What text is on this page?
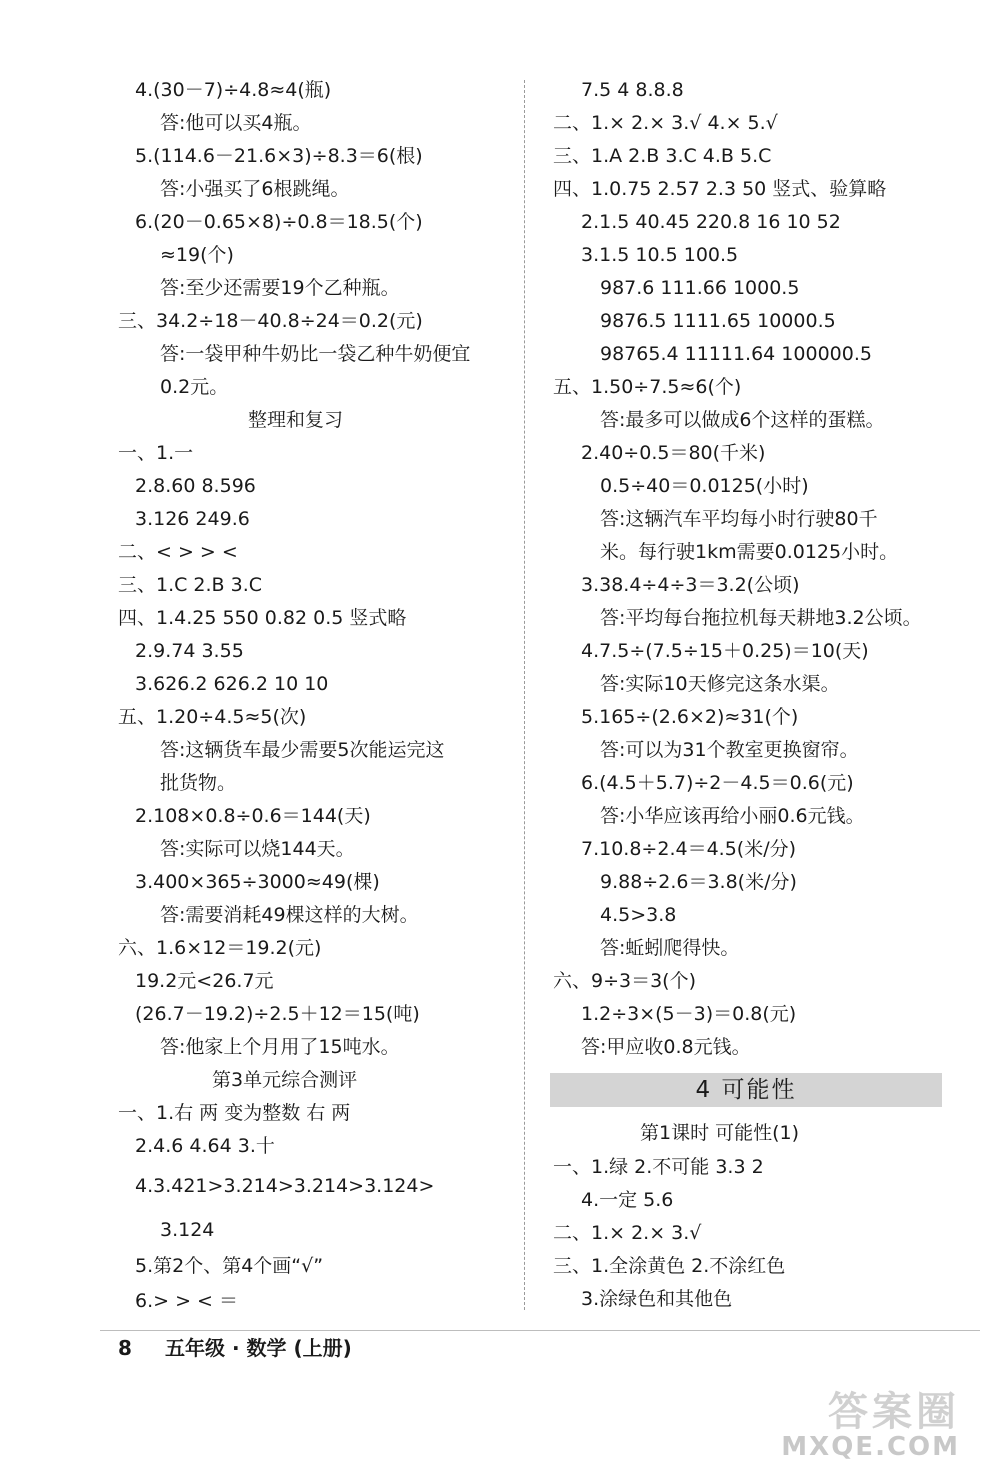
4.(30－7)÷4.8≈4(瓶)
答:他可以买4瓶。
5.(114.6－21.6×3)÷8.3＝6(根)
答:小强买了6根跳绳。
6.(20－0.65×8)÷0.8＝18.5(个)
≈19(个)
答:至少还需要19个乙种瓶。
三、34.2÷18－40.8÷24＝0.2(元)
答:一袋甲种牛奶比一袋乙种牛奶便宜
0.2元。
整理和复习
一、1.一
2.8.60 8.596
3.126 249.6
二、< > > <
三、1.C 2.B 3.C
四、1.4.25 550 0.82 0.5 竖式略
2.9.74 3.55
3.626.2 626.2 10 10
五、1.20÷4.5≈5(次)
答:这辆货车最少需要5次能运完这
批货物。
2.108×0.8÷0.6＝144(天)
答:实际可以烧144天。
3.400×365÷3000≈49(棵)
答:需要消耗49棵这样的大树。
六、1.6×12＝19.2(元)
19.2元<26.7元
(26.7－19.2)÷2.5＋12＝15(吨)
答:他家上个月用了15吨水。
第3单元综合测评
一、1.右 两 变为整数 右 两
2.4.6 4.64 3.十
4.3.421>3.214>3.214>3.124>
3.124
5.第2个、第4个画“√”
6.> > < ＝
7.5 4 8.8.8
二、1.× 2.× 3.√ 4.× 5.√
三、1.A 2.B 3.C 4.B 5.C
四、1.0.75 2.57 2.3 50 竖式、验算略
2.1.5 40.45 220.8 16 10 52
3.1.5 10.5 100.5
987.6 111.66 1000.5
9876.5 1111.65 10000.5
98765.4 11111.64 100000.5
五、1.50÷7.5≈6(个)
答:最多可以做成6个这样的蛋糕。
2.40÷0.5＝80(千米)
0.5÷40＝0.0125(小时)
答:这辆汽车平均每小时行驶80千
米。每行驶1km需要0.0125小时。
3.38.4÷4÷3＝3.2(公顷)
答:平均每台拖拉机每天耕地3.2公顷。
4.7.5÷(7.5÷15＋0.25)＝10(天)
答:实际10天修完这条水渠。
5.165÷(2.6×2)≈31(个)
答:可以为31个教室更换窗帘。
6.(4.5＋5.7)÷2－4.5＝0.6(元)
答:小华应该再给小丽0.6元钱。
7.10.8÷2.4＝4.5(米/分)
9.88÷2.6＝3.8(米/分)
4.5>3.8
答:蚯蚓爬得快。
六、9÷3＝3(个)
1.2÷3×(5－3)＝0.8(元)
答:甲应收0.8元钱。
4 可能性
第1课时 可能性(1)
一、1.绿 2.不可能 3.3 2
4.一定 5.6
二、1.× 2.× 3.√
三、1.全涂黄色 2.不涂红色
3.涂绿色和其他色
8 五年级 · 数学 (上册)
答案圈
MXQE.COM
